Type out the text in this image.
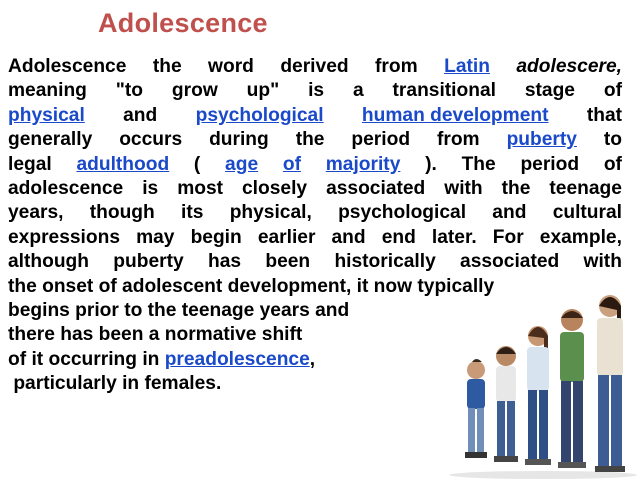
Adolescence
Adolescence the word derived from Latin adolescere,
meaning "to grow up" is a transitional stage of
physical and psychological human development that
generally occurs during the period from puberty to
legal adulthood ( age of majority ). The period of
adolescence is most closely associated with the teenage
years, though its physical, psychological and cultural
expressions may begin earlier and end later. For example,
although puberty has been historically associated with
the onset of adolescent development, it now typically
begins prior to the teenage years and
there has been a normative shift
of it occurring in preadolescence,
particularly in females.
